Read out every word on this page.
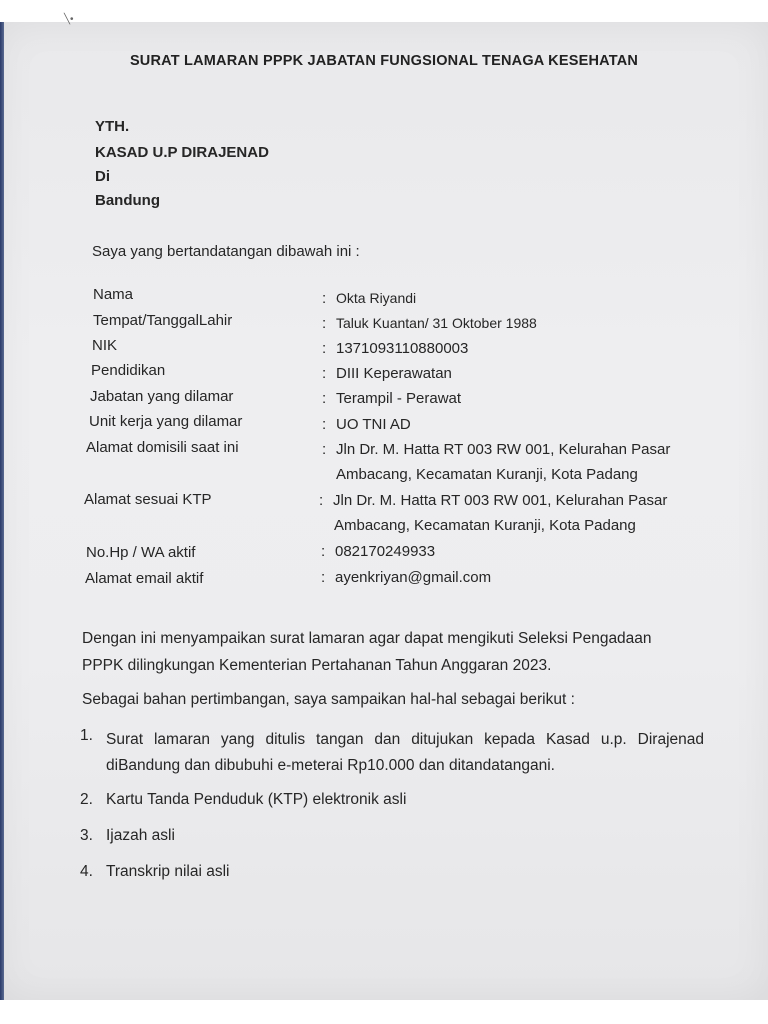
╲•
SURAT LAMARAN PPPK JABATAN FUNGSIONAL TENAGA KESEHATAN
YTH.
KASAD U.P DIRAJENAD
Di
Bandung
Saya yang bertandatangan dibawah ini :
Nama	: Okta Riyandi
Tempat/TanggalLahir	: Taluk Kuantan/ 31 Oktober 1988
NIK	: 1371093110880003
Pendidikan	: DIII Keperawatan
Jabatan yang dilamar	: Terampil - Perawat
Unit kerja yang dilamar	: UO TNI AD
Alamat domisili saat ini	: Jln Dr. M. Hatta RT 003 RW 001, Kelurahan Pasar
Ambacang, Kecamatan Kuranji, Kota Padang
Alamat sesuai KTP	: Jln Dr. M. Hatta RT 003 RW 001, Kelurahan Pasar
Ambacang, Kecamatan Kuranji, Kota Padang
No.Hp / WA aktif	: 082170249933
Alamat email aktif	: ayenkriyan@gmail.com
Dengan ini menyampaikan surat lamaran agar dapat mengikuti Seleksi Pengadaan
PPPK dilingkungan Kementerian Pertahanan Tahun Anggaran 2023.
Sebagai bahan pertimbangan, saya sampaikan hal-hal sebagai berikut :
1. Surat lamaran yang ditulis tangan dan ditujukan kepada Kasad u.p. Dirajenad diBandung dan dibubuhi e-meterai Rp10.000 dan ditandatangani.
2. Kartu Tanda Penduduk (KTP) elektronik asli
3. Ijazah asli
4. Transkrip nilai asli
